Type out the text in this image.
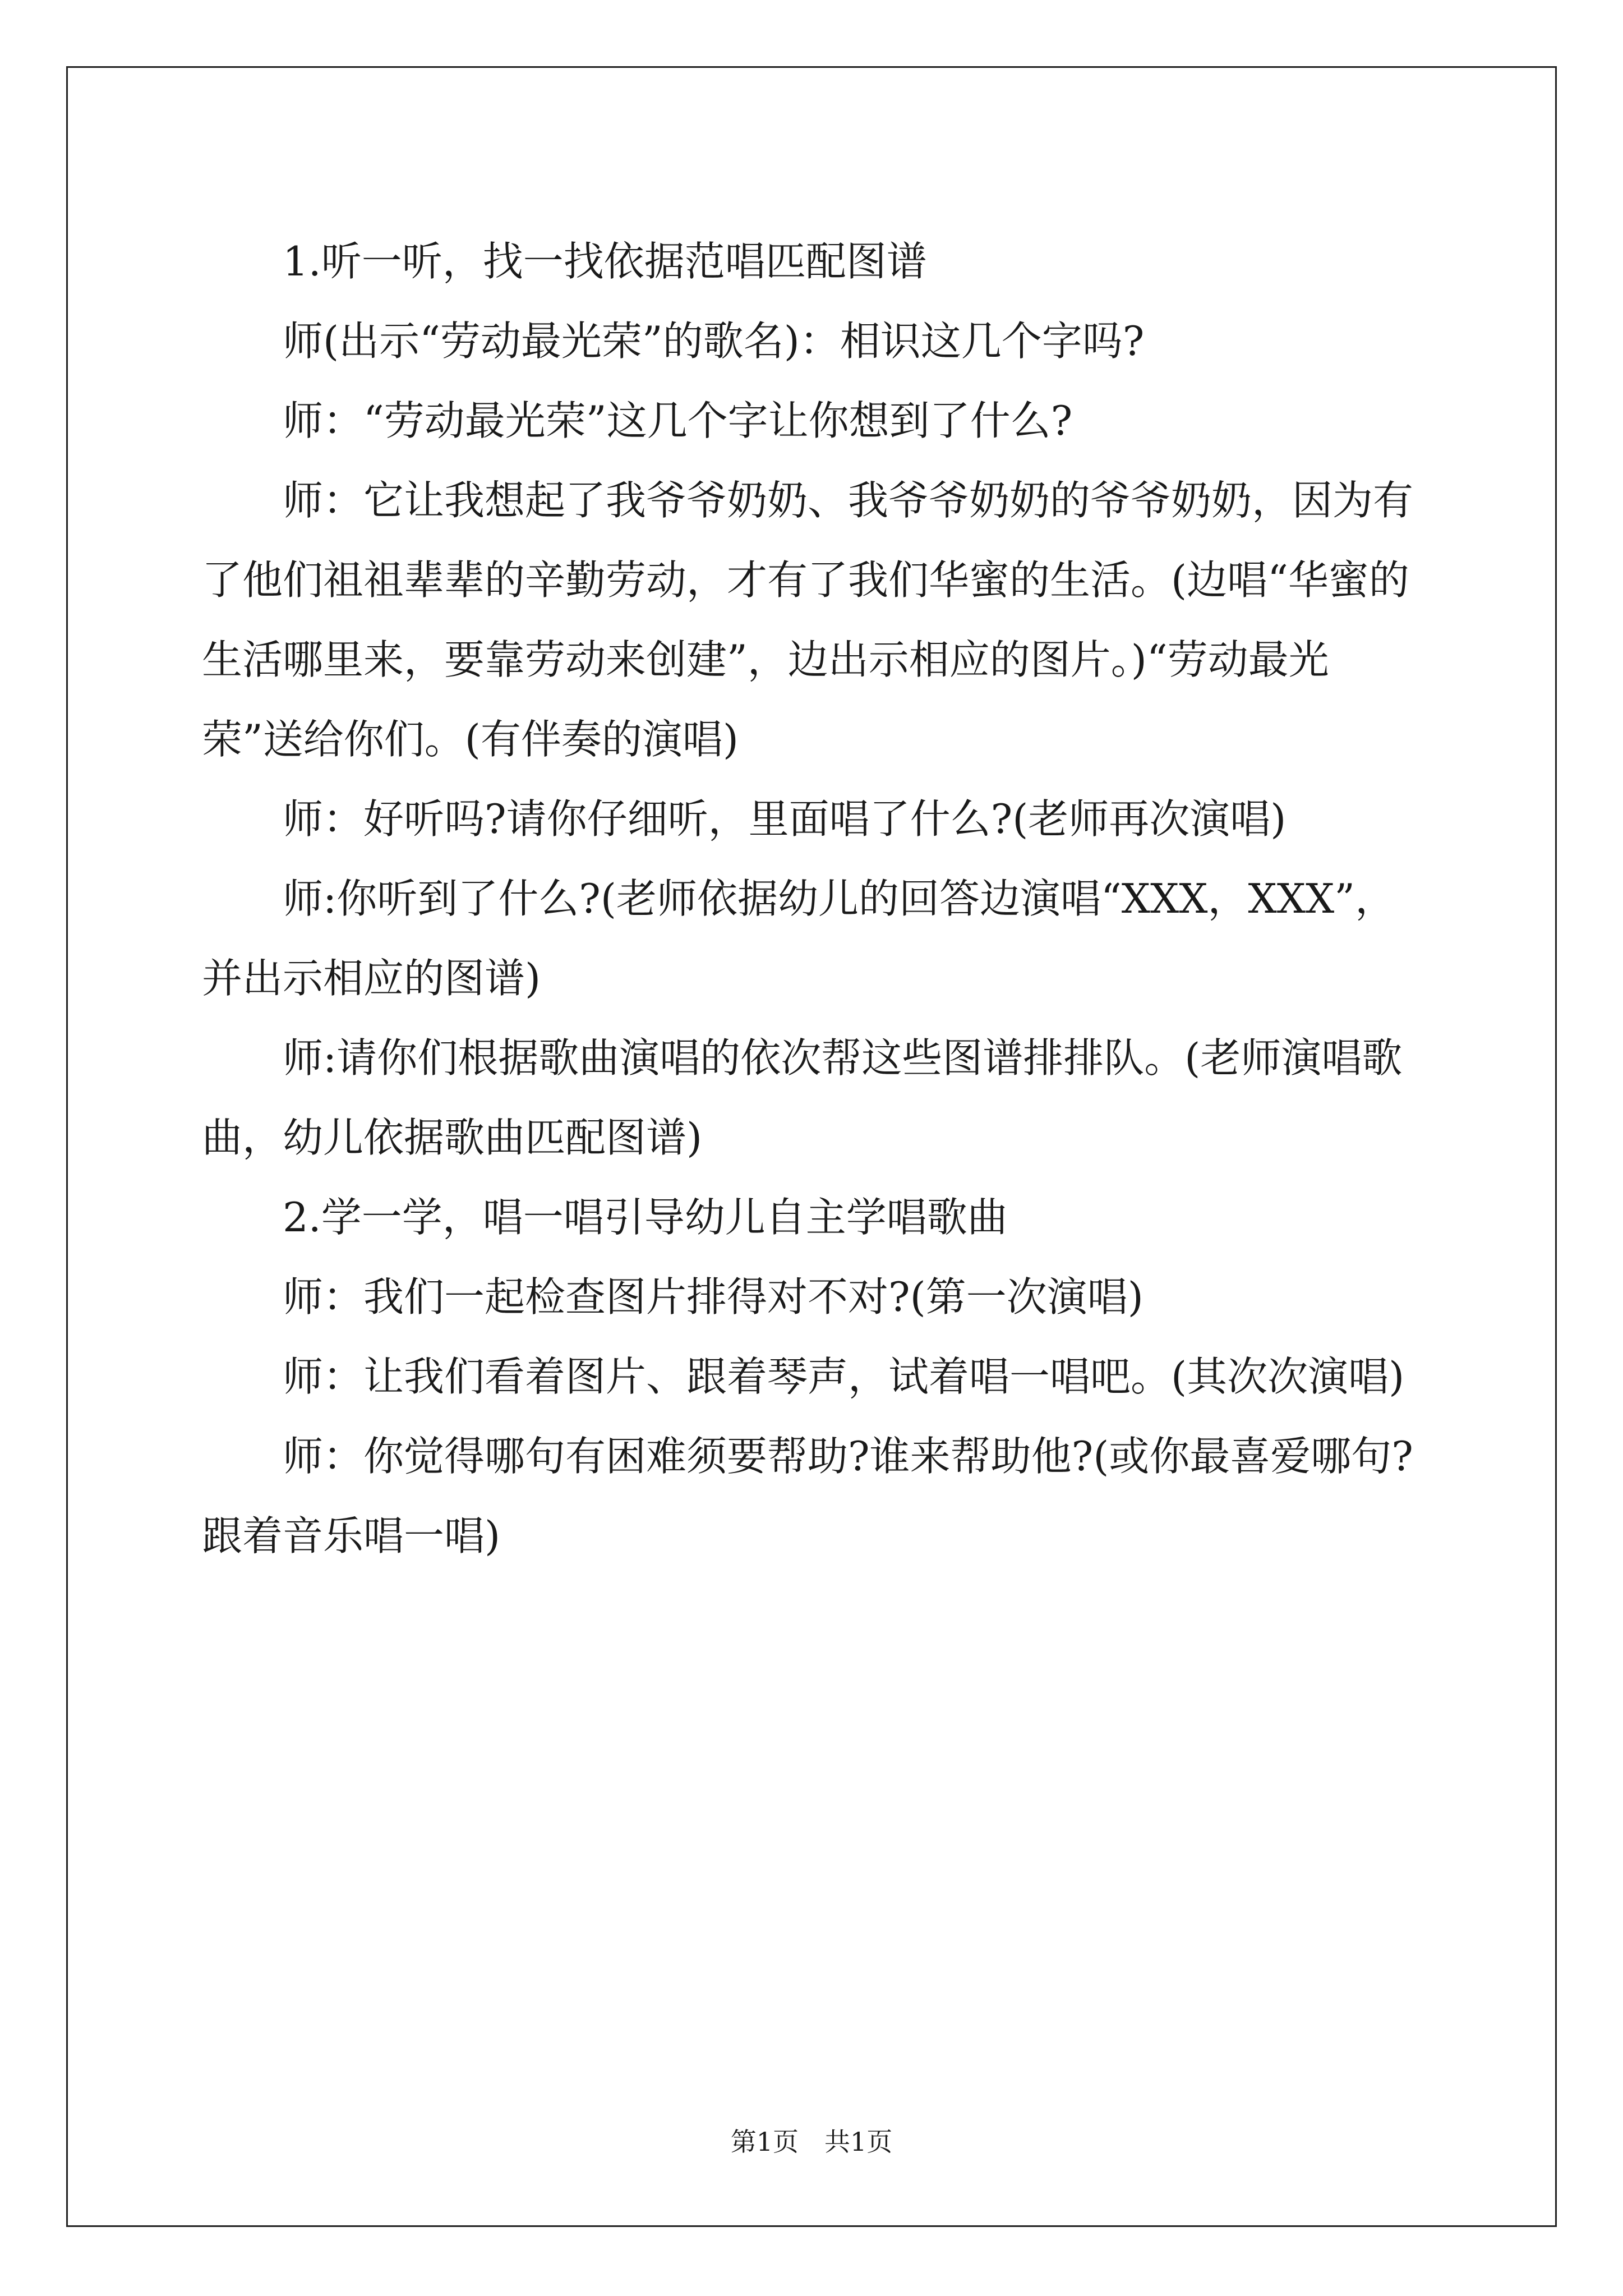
1.听一听，找一找依据范唱匹配图谱

师(出示“劳动最光荣”的歌名)：相识这几个字吗?

师：“劳动最光荣”这几个字让你想到了什么?

师：它让我想起了我爷爷奶奶、我爷爷奶奶的爷爷奶奶，因为有了他们祖祖辈辈的辛勤劳动，才有了我们华蜜的生活。(边唱“华蜜的生活哪里来，要靠劳动来创建”，边出示相应的图片。)“劳动最光荣”送给你们。(有伴奏的演唱)

师：好听吗?请你仔细听，里面唱了什么?(老师再次演唱)

师:你听到了什么?(老师依据幼儿的回答边演唱“XXX，XXX”，并出示相应的图谱)

师:请你们根据歌曲演唱的依次帮这些图谱排排队。(老师演唱歌曲，幼儿依据歌曲匹配图谱)

2.学一学，唱一唱引导幼儿自主学唱歌曲

师：我们一起检查图片排得对不对?(第一次演唱)

师：让我们看着图片、跟着琴声，试着唱一唱吧。(其次次演唱)

师：你觉得哪句有困难须要帮助?谁来帮助他?(或你最喜爱哪句?跟着音乐唱一唱)

第1页　共1页
